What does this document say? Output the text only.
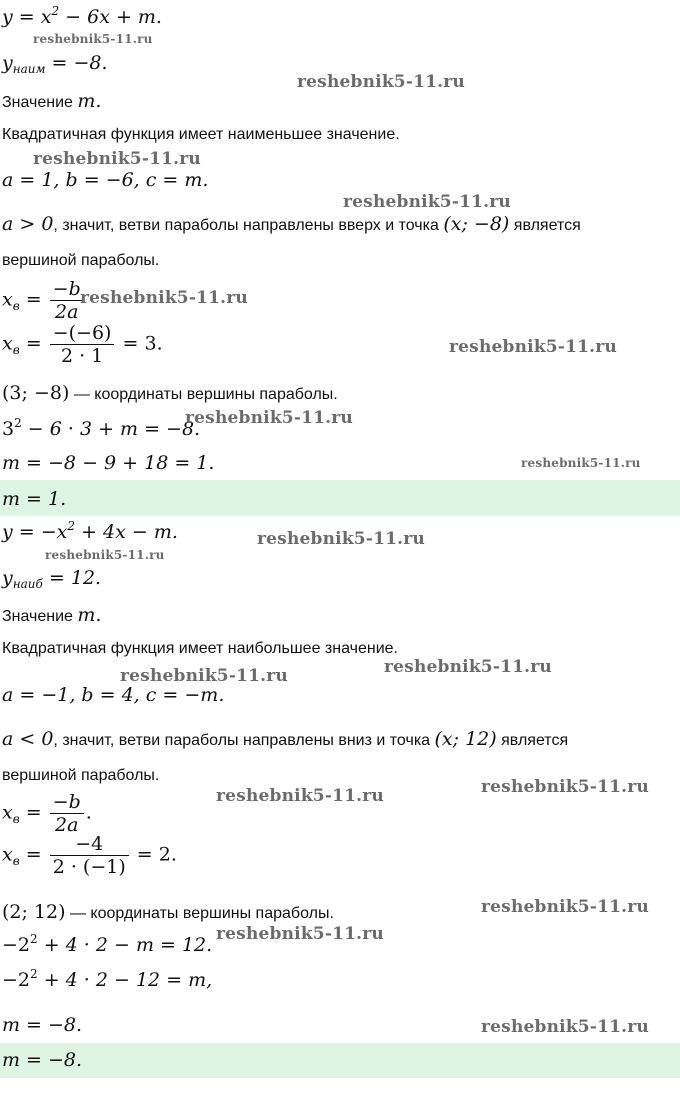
$y = x^2 - 6x + m$.
$y_{наим} = -8$.
Значение m.
Квадратичная функция имеет наименьшее значение.
a = 1, b = −6, c = m.
a > 0, значит, ветви параболы направлены вверх и точка (x; −8) является
вершиной параболы.
$x_в = \frac{-b}{2a}$
$x_в = \frac{-(-6)}{2 \cdot 1} = 3$.
(3; −8) — координаты вершины параболы.
$3^2 - 6 \cdot 3 + m = -8$.
m = −8 − 9 + 18 = 1.
m = 1.
$y = -x^2 + 4x - m$.
$y_{наиб} = 12$.
Значение m.
Квадратичная функция имеет наибольшее значение.
a = −1, b = 4, c = −m.
a < 0, значит, ветви параболы направлены вниз и точка (x; 12) является
вершиной параболы.
$x_в = \frac{-b}{2a}$ .
$x_в = \frac{-4}{2 \cdot (-1)} = 2$.
(2; 12) — координаты вершины параболы.
$-2^2 + 4 \cdot 2 - m = 12$.
$-2^2 + 4 \cdot 2 - 12 = m$,
m = −8.
m = −8.
reshebnik5-11.ru
reshebnik5-11.ru
reshebnik5-11.ru
reshebnik5-11.ru
reshebnik5-11.ru
reshebnik5-11.ru
reshebnik5-11.ru
reshebnik5-11.ru
reshebnik5-11.ru
reshebnik5-11.ru
reshebnik5-11.ru
reshebnik5-11.ru
reshebnik5-11.ru
reshebnik5-11.ru
reshebnik5-11.ru
reshebnik5-11.ru
reshebnik5-11.ru
